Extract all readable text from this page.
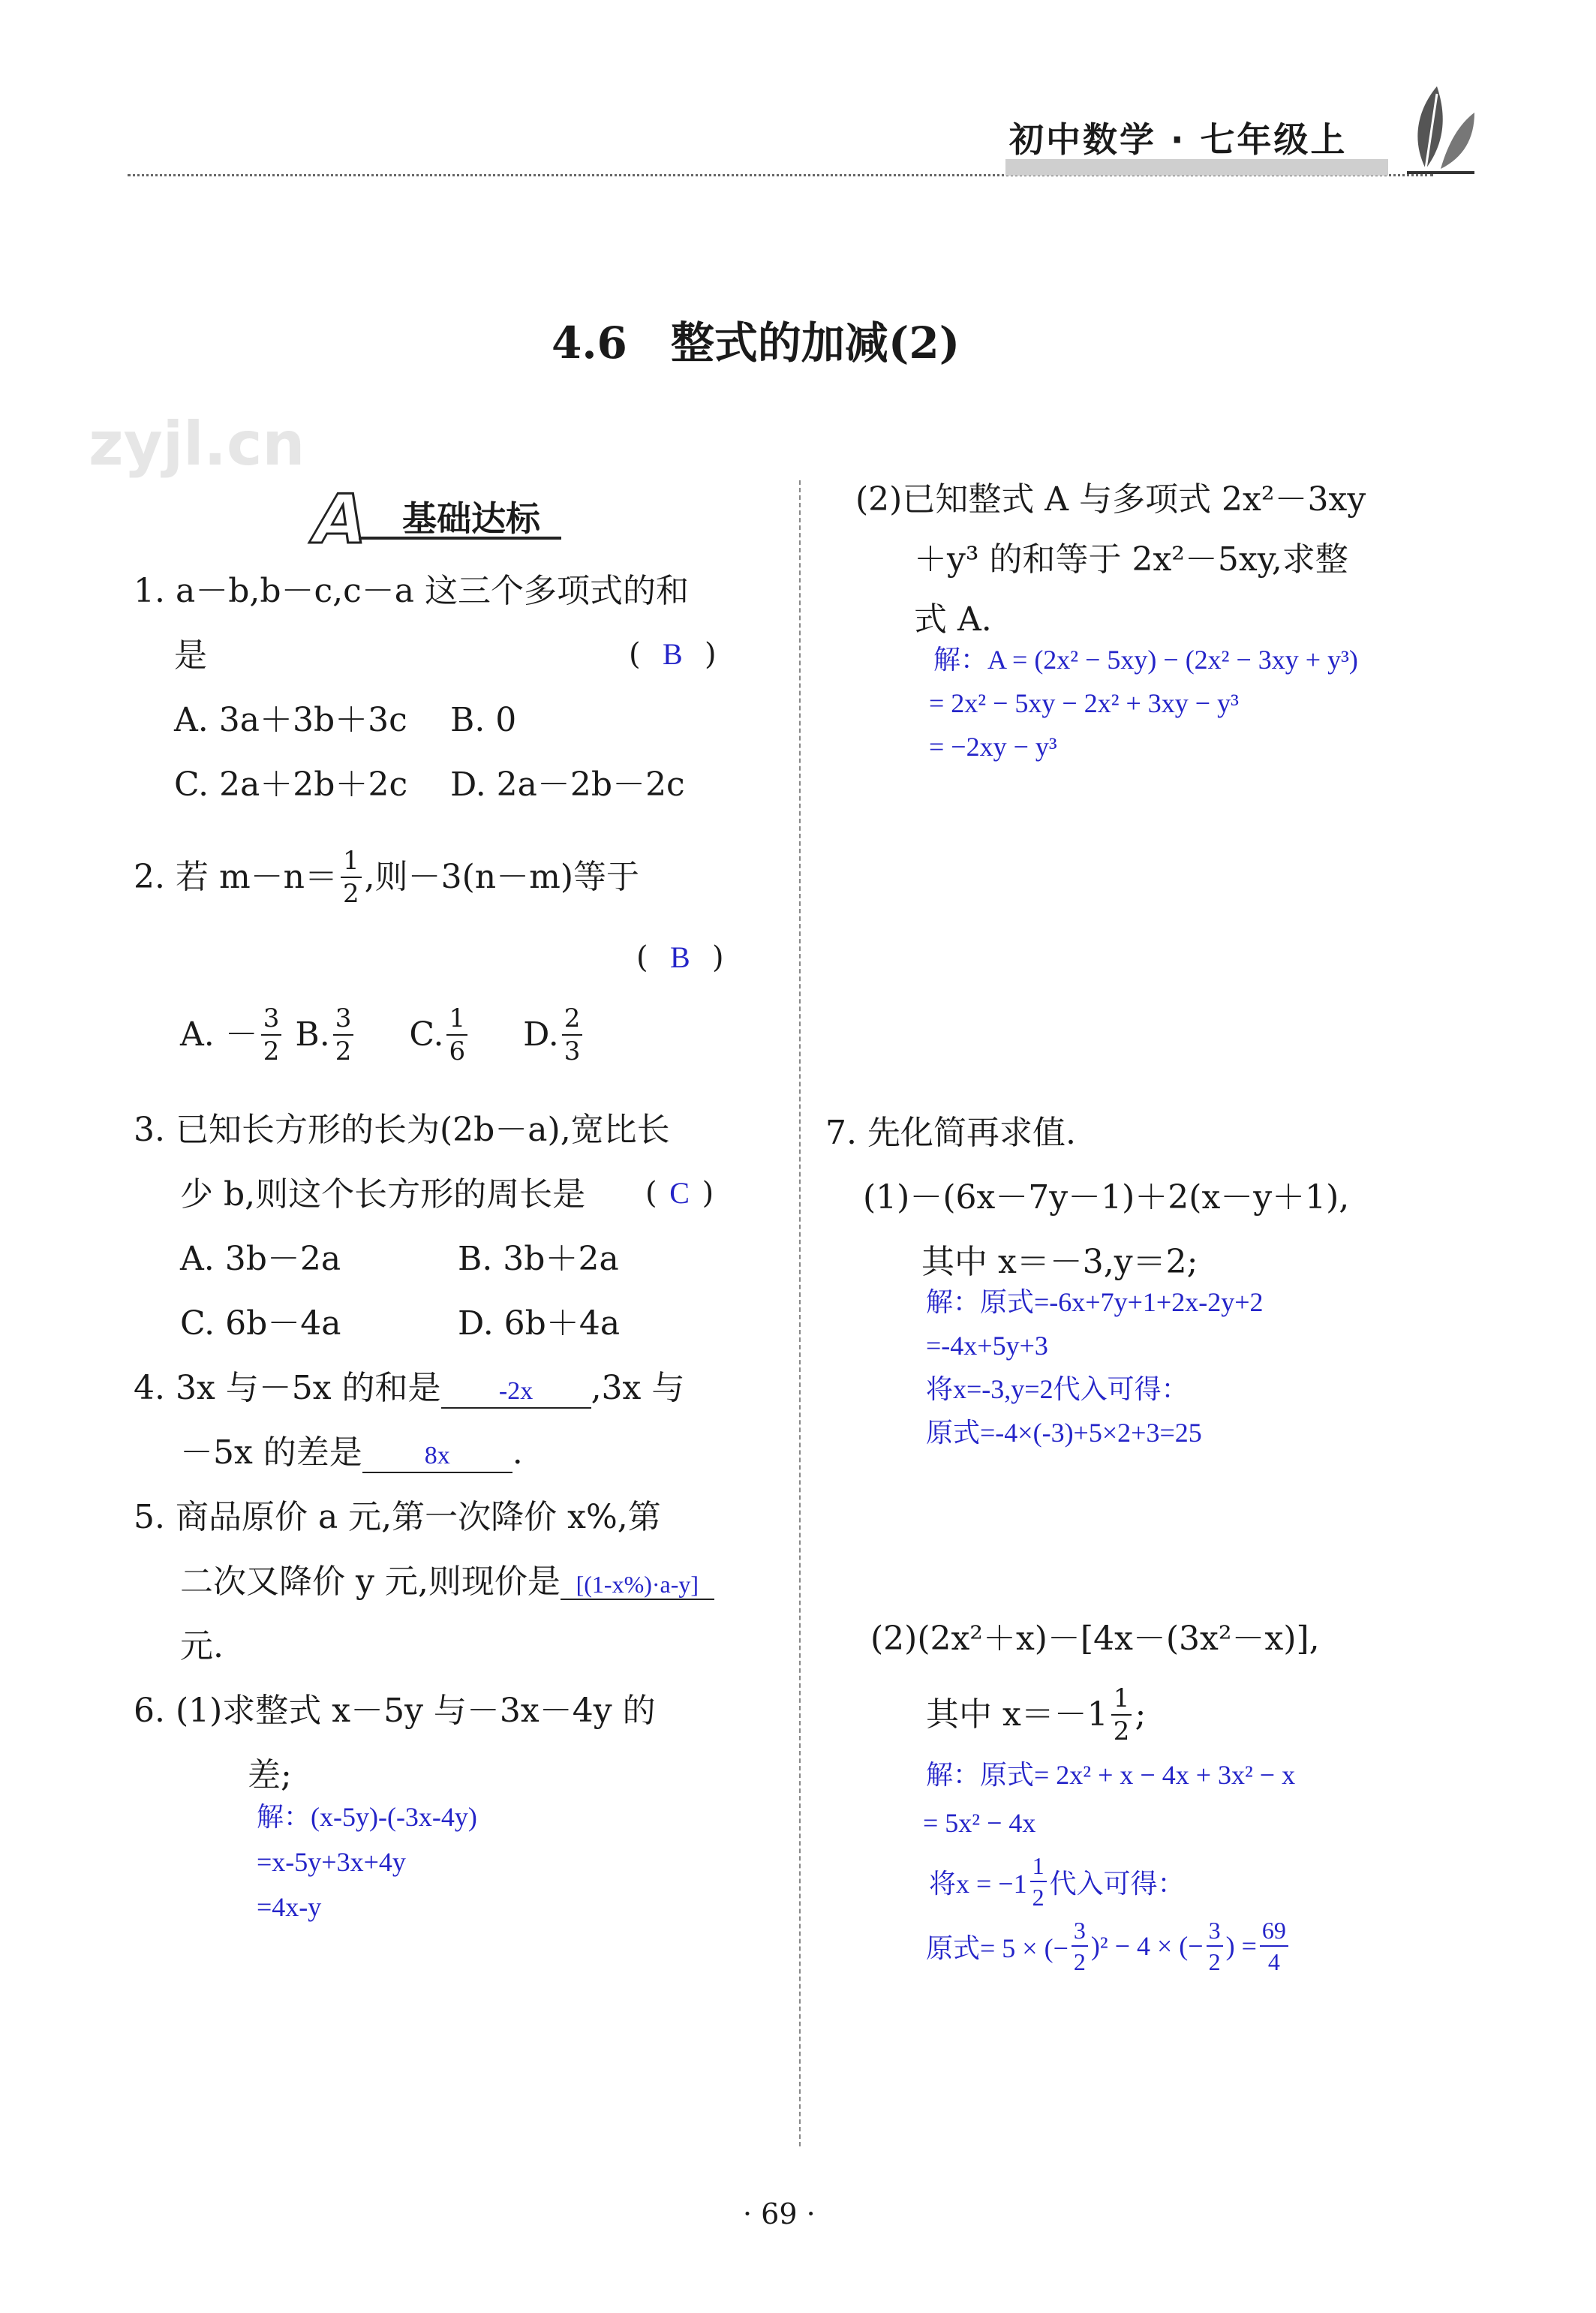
初中数学 · 七年级上
zyjl.cn
4.6　整式的加减(2)
A 基础达标
1. a－b,b－c,c－a 这三个多项式的和
是	( B )
A. 3a＋3b＋3c B. 0
C. 2a＋2b＋2c D. 2a－2b－2c
2. 若 $m-n= \frac{1}{2}$ ,则－3(n－m)等于
( B )
A. － $\frac{3}{2} B$. $\frac{3}{2} C$. $\frac{1}{6} D$. $\frac{2}{3}$
3. 已知长方形的长为(2b－a),宽比长
少 b,则这个长方形的周长是 ( C )
A. 3b－2a	B. 3b＋2a
C. 6b－4a	D. 6b＋4a
4. 3x 与－5x 的和是 -2x ,3x 与
－5x 的差是 8x .
5. 商品原价 a 元,第一次降价 x%,第
二次又降价 y 元,则现价是 [(1-x%)·a-y]
元.
6. (1)求整式 x－5y 与－3x－4y 的
差;
解：(x-5y)-(-3x-4y)
=x-5y+3x+4y
=4x-y
(2)已知整式 A 与多项式 2x²－3xy
＋y³ 的和等于 2x²－5xy,求整
式 A.
解：A = (2x² − 5xy) − (2x² − 3xy + y³)
= 2x² − 5xy − 2x² + 3xy − y³
= −2xy − y³
7. 先化简再求值.
(1)－(6x－7y－1)＋2(x－y＋1),
其中 x＝－3,y＝2;
解：原式=-6x+7y+1+2x-2y+2
=-4x+5y+3
将x=-3,y=2代入可得：
原式=-4×(-3)+5×2+3=25
(2)(2x²＋x)－[4x－(3x²－x)],
其中 $x=-1 \frac{1}{2}$ ;
解：原式= 2x² + x − 4x + 3x² − x
= 5x² − 4x
将$x = -1 \frac{1}{2}$ 代入可得：
原式= 5 × (− $\frac{3}{2} )^2 - 4$ × (− $\frac{3}{2}$ ) = $\frac{69}{4}$
· 69 ·
